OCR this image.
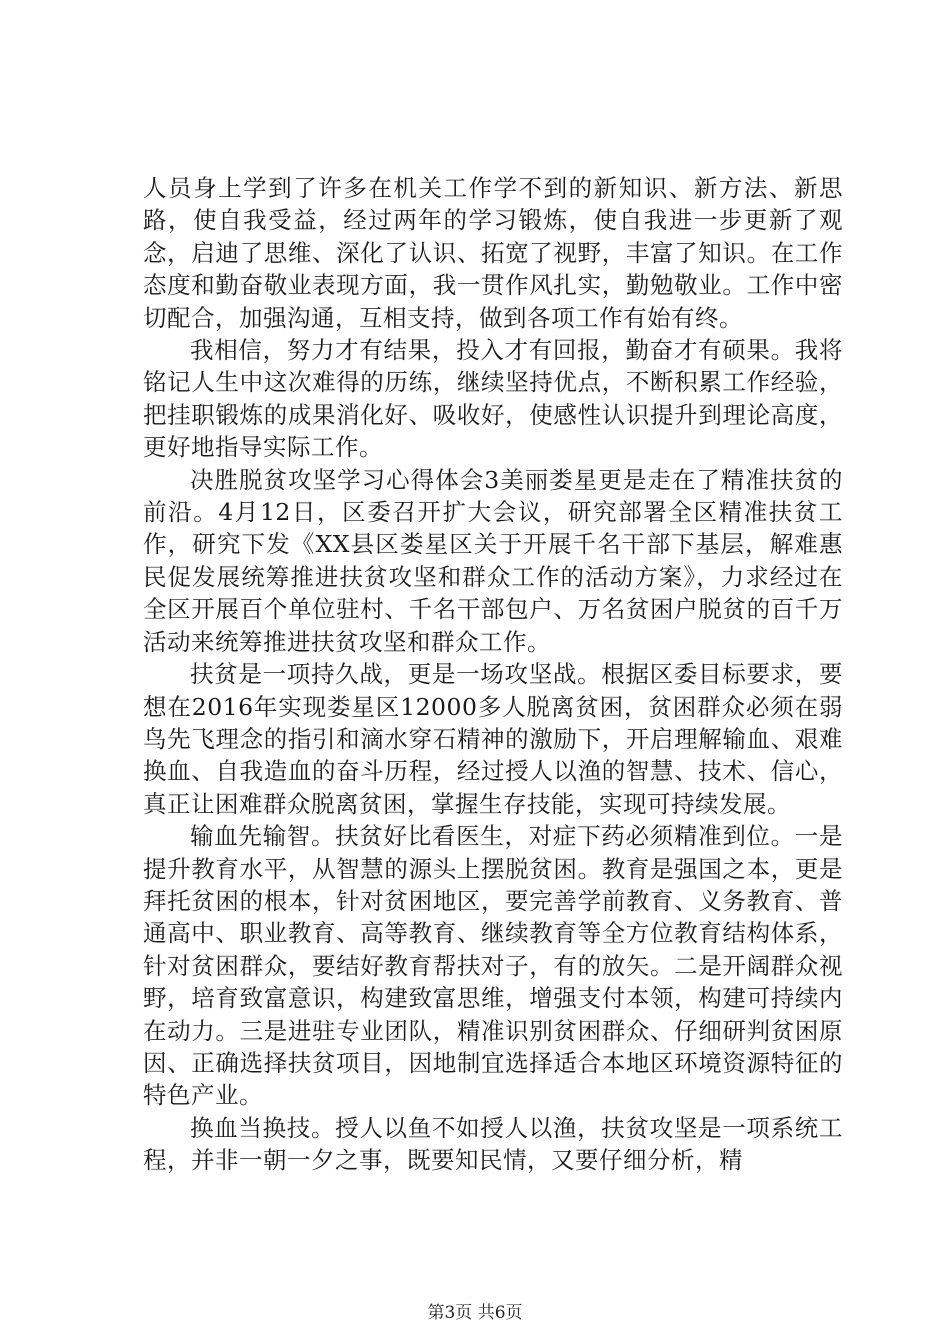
人员身上学到了许多在机关工作学不到的新知识、新方法、新思路，使自我受益，经过两年的学习锻炼，使自我进一步更新了观念，启迪了思维、深化了认识、拓宽了视野，丰富了知识。在工作态度和勤奋敬业表现方面，我一贯作风扎实，勤勉敬业。工作中密切配合，加强沟通，互相支持，做到各项工作有始有终。

我相信，努力才有结果，投入才有回报，勤奋才有硕果。我将铭记人生中这次难得的历练，继续坚持优点，不断积累工作经验，把挂职锻炼的成果消化好、吸收好，使感性认识提升到理论高度，更好地指导实际工作。

决胜脱贫攻坚学习心得体会3美丽娄星更是走在了精准扶贫的前沿。4月12日，区委召开扩大会议，研究部署全区精准扶贫工作，研究下发《XX县区娄星区关于开展千名干部下基层，解难惠民促发展统筹推进扶贫攻坚和群众工作的活动方案》，力求经过在全区开展百个单位驻村、千名干部包户、万名贫困户脱贫的百千万活动来统筹推进扶贫攻坚和群众工作。

扶贫是一项持久战，更是一场攻坚战。根据区委目标要求，要想在2016年实现娄星区12000多人脱离贫困，贫困群众必须在弱鸟先飞理念的指引和滴水穿石精神的激励下，开启理解输血、艰难换血、自我造血的奋斗历程，经过授人以渔的智慧、技术、信心，真正让困难群众脱离贫困，掌握生存技能，实现可持续发展。

输血先输智。扶贫好比看医生，对症下药必须精准到位。一是提升教育水平，从智慧的源头上摆脱贫困。教育是强国之本，更是拜托贫困的根本，针对贫困地区，要完善学前教育、义务教育、普通高中、职业教育、高等教育、继续教育等全方位教育结构体系，针对贫困群众，要结好教育帮扶对子，有的放矢。二是开阔群众视野，培育致富意识，构建致富思维，增强支付本领，构建可持续内在动力。三是进驻专业团队，精准识别贫困群众、仔细研判贫困原因、正确选择扶贫项目，因地制宜选择适合本地区环境资源特征的特色产业。

换血当换技。授人以鱼不如授人以渔，扶贫攻坚是一项系统工程，并非一朝一夕之事，既要知民情，又要仔细分析，精

第3页 共6页
